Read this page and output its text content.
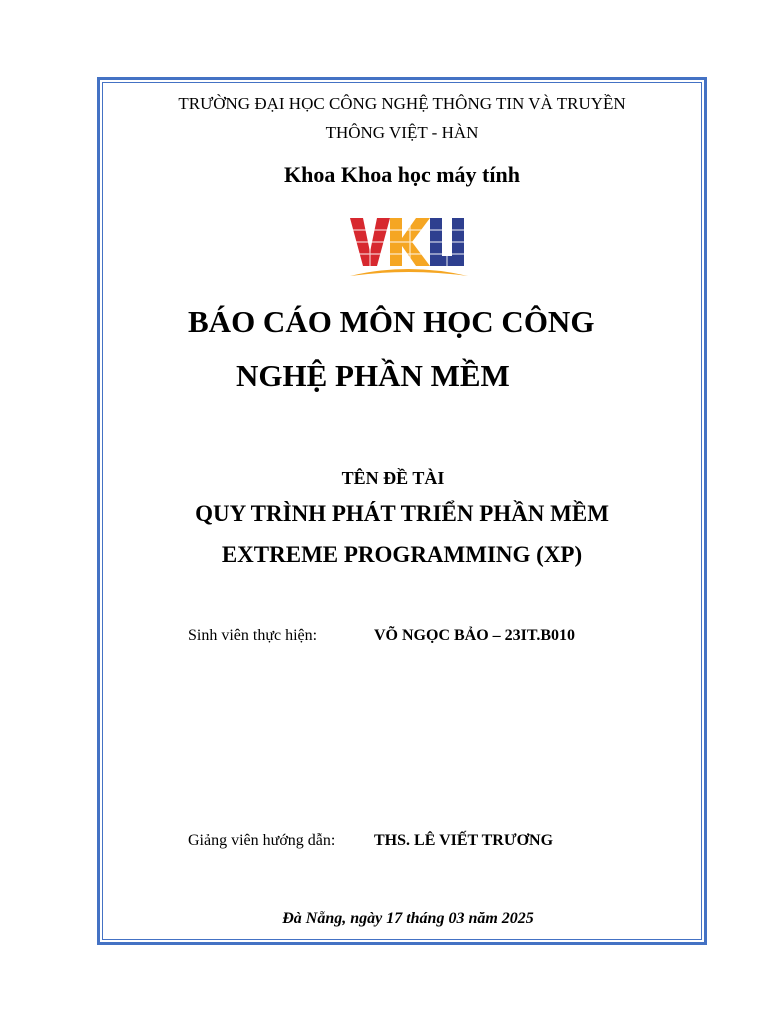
TRƯỜNG ĐẠI HỌC CÔNG NGHỆ THÔNG TIN VÀ TRUYỀN
THÔNG VIỆT - HÀN
Khoa Khoa học máy tính
BÁO CÁO MÔN HỌC CÔNG
NGHỆ PHẦN MỀM
TÊN ĐỀ TÀI
QUY TRÌNH PHÁT TRIỂN PHẦN MỀM
EXTREME PROGRAMMING (XP)
Sinh viên thực hiện:	VÕ NGỌC BẢO – 23IT.B010
Giảng viên hướng dẫn: THS. LÊ VIẾT TRƯƠNG
Đà Nẵng, ngày 17 tháng 03 năm 2025
